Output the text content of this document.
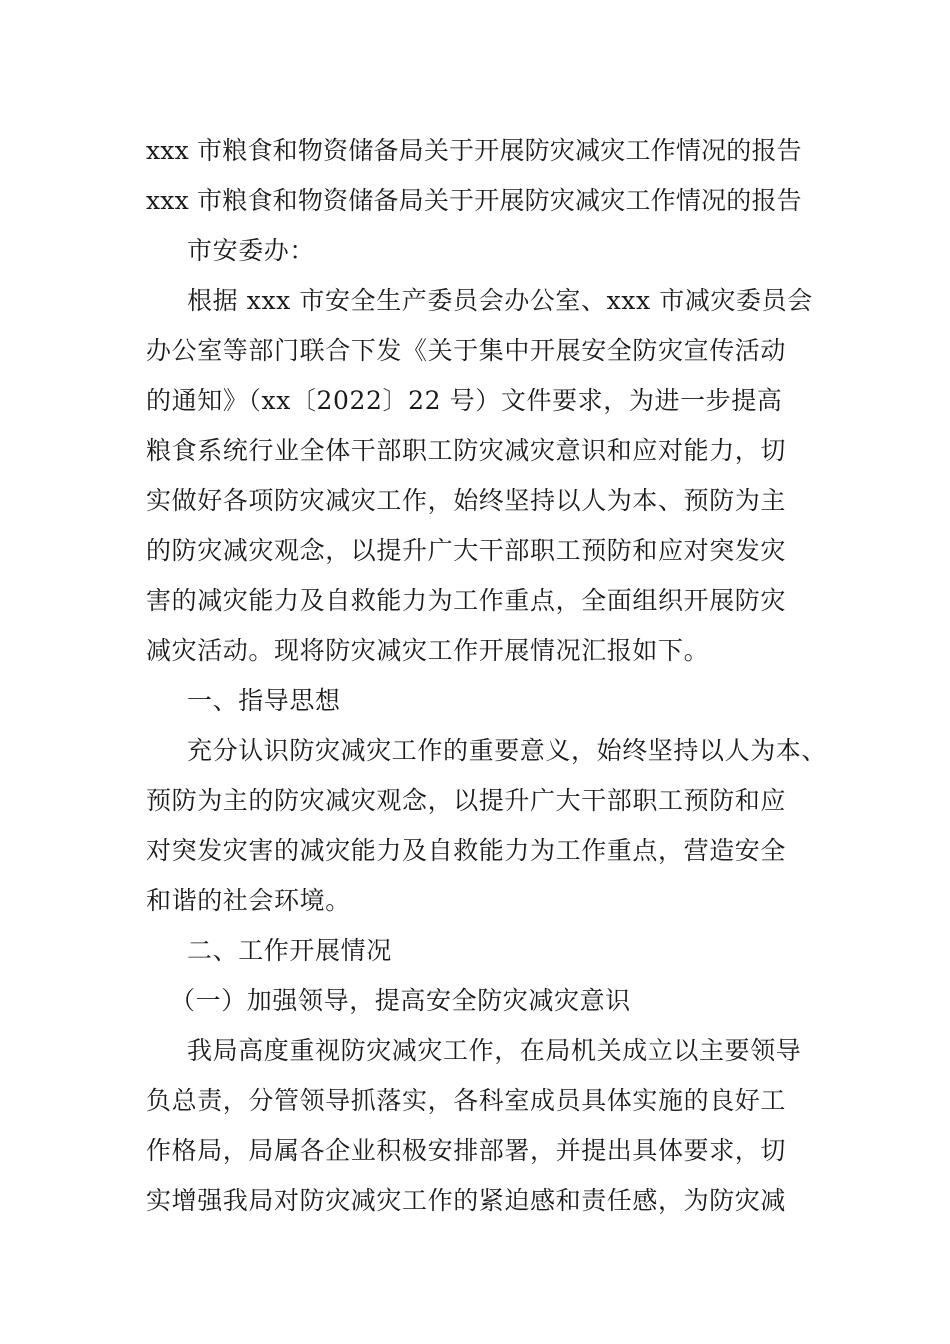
xxx 市粮食和物资储备局关于开展防灾减灾工作情况的报告
xxx 市粮食和物资储备局关于开展防灾减灾工作情况的报告
市安委办：
根据 xxx 市安全生产委员会办公室、xxx 市减灾委员会
办公室等部门联合下发《关于集中开展安全防灾宣传活动
的通知》（xx〔2022〕22 号）文件要求，为进一步提高
粮食系统行业全体干部职工防灾减灾意识和应对能力，切
实做好各项防灾减灾工作，始终坚持以人为本、预防为主
的防灾减灾观念，以提升广大干部职工预防和应对突发灾
害的减灾能力及自救能力为工作重点，全面组织开展防灾
减灾活动。现将防灾减灾工作开展情况汇报如下。
一、指导思想
充分认识防灾减灾工作的重要意义，始终坚持以人为本、
预防为主的防灾减灾观念，以提升广大干部职工预防和应
对突发灾害的减灾能力及自救能力为工作重点，营造安全
和谐的社会环境。
二、工作开展情况
（一）加强领导，提高安全防灾减灾意识
我局高度重视防灾减灾工作，在局机关成立以主要领导
负总责，分管领导抓落实，各科室成员具体实施的良好工
作格局，局属各企业积极安排部署，并提出具体要求，切
实增强我局对防灾减灾工作的紧迫感和责任感，为防灾减
